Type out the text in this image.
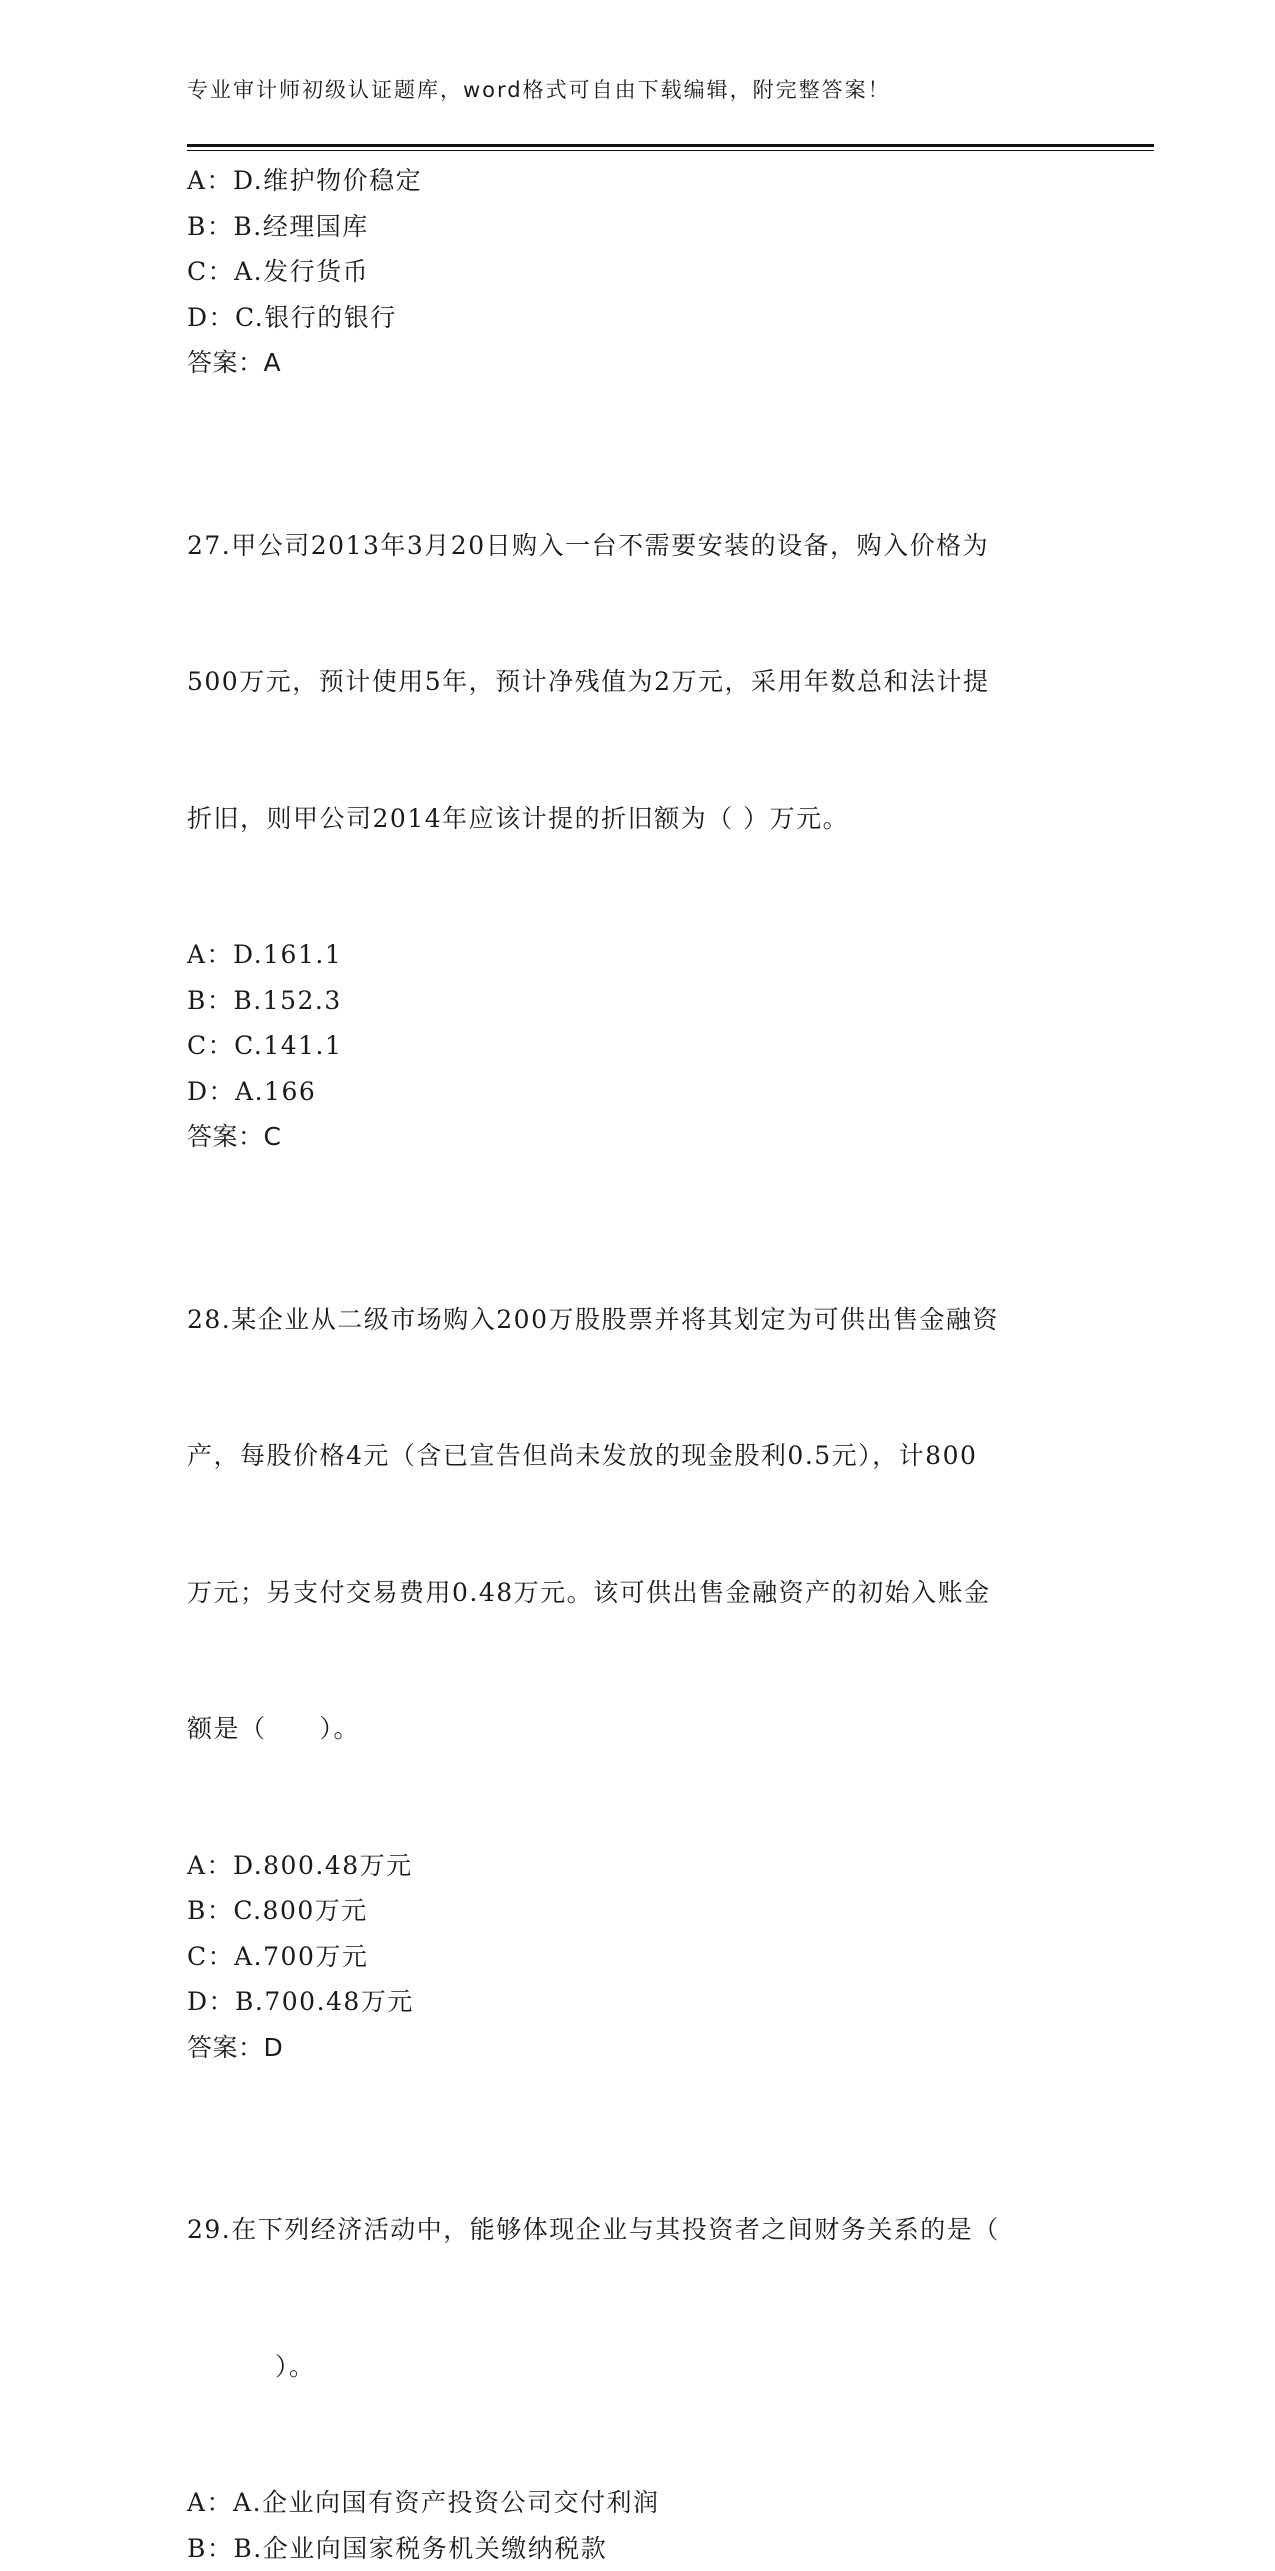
专业审计师初级认证题库，word格式可自由下载编辑，附完整答案！
A：D.维护物价稳定
B：B.经理国库
C：A.发行货币
D：C.银行的银行
答案：A

27.甲公司2013年3月20日购入一台不需要安装的设备，购入价格为

500万元，预计使用5年，预计净残值为2万元，采用年数总和法计提

折旧，则甲公司2014年应该计提的折旧额为（ ）万元。

A：D.161.1
B：B.152.3
C：C.141.1
D：A.166
答案：C

28.某企业从二级市场购入200万股股票并将其划定为可供出售金融资

产，每股价格4元（含已宣告但尚未发放的现金股利0.5元），计800

万元；另支付交易费用0.48万元。该可供出售金融资产的初始入账金

额是（　　）。

A：D.800.48万元
B：C.800万元
C：A.700万元
D：B.700.48万元
答案：D

29.在下列经济活动中，能够体现企业与其投资者之间财务关系的是（

）。

A：A.企业向国有资产投资公司交付利润
B：B.企业向国家税务机关缴纳税款
